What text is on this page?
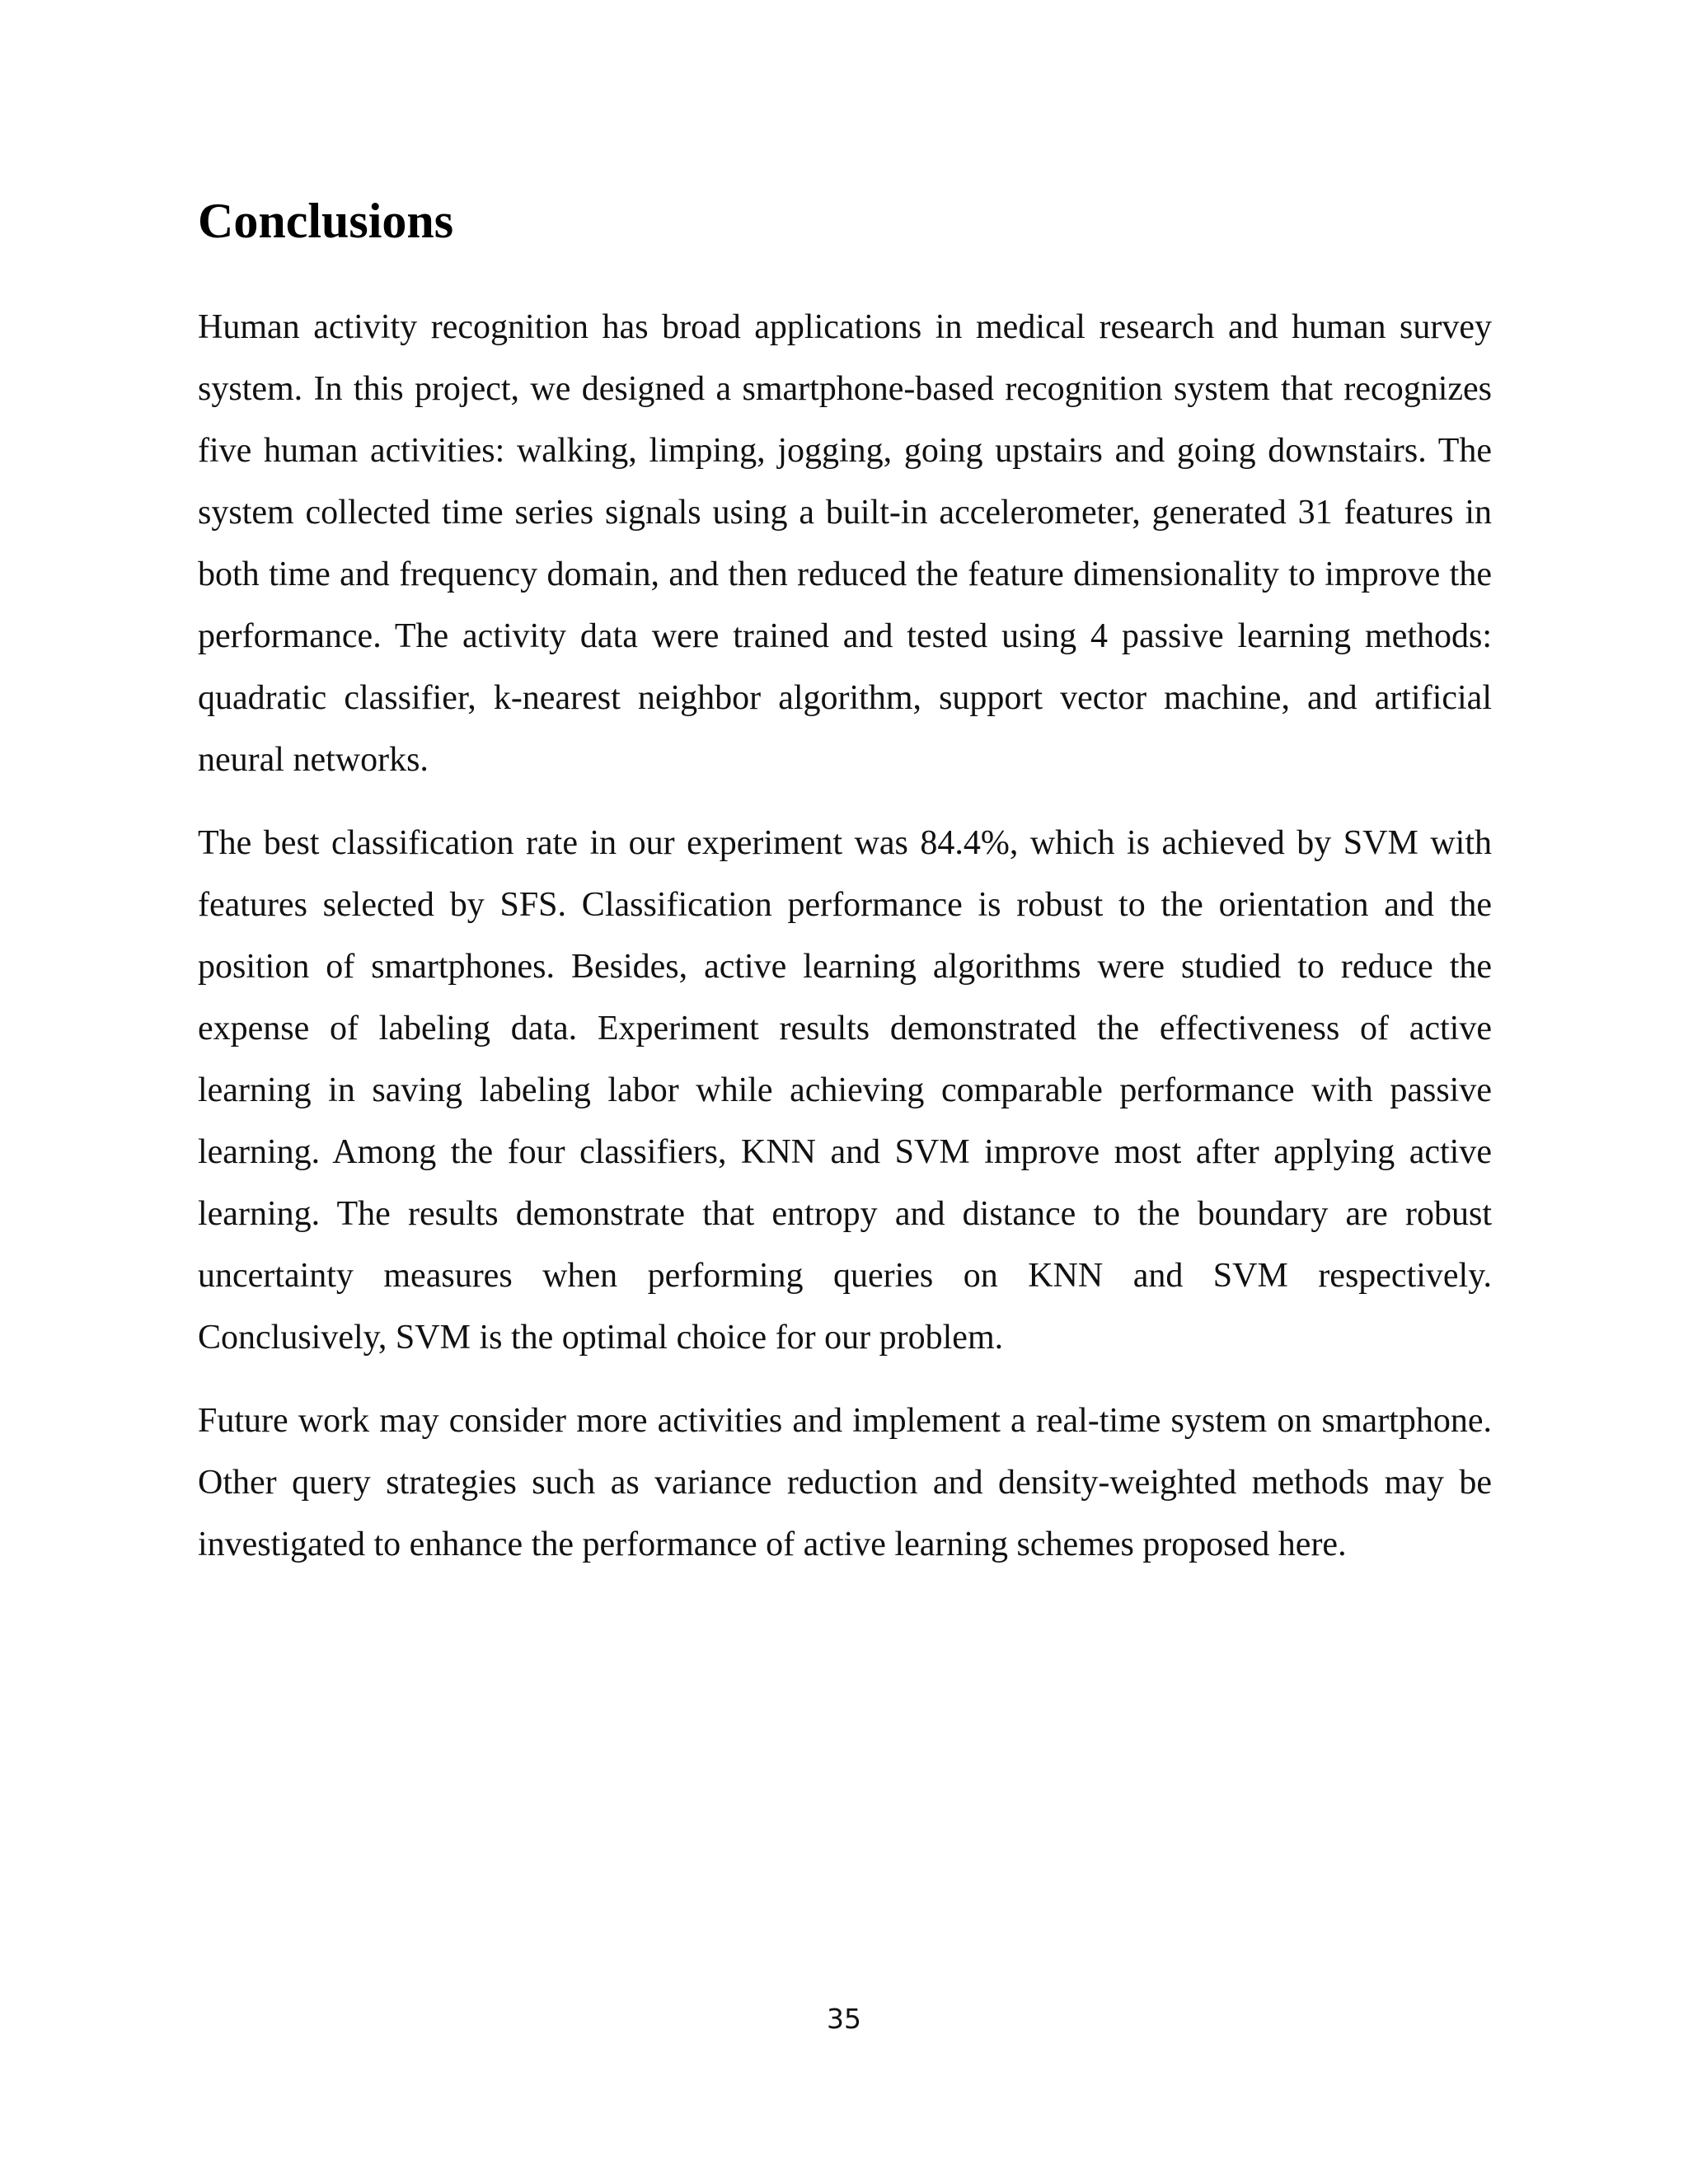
Conclusions

Human activity recognition has broad applications in medical research and human survey system. In this project, we designed a smartphone-based recognition system that recognizes five human activities: walking, limping, jogging, going upstairs and going downstairs. The system collected time series signals using a built-in accelerometer, generated 31 features in both time and frequency domain, and then reduced the feature dimensionality to improve the performance. The activity data were trained and tested using 4 passive learning methods: quadratic classifier, k-nearest neighbor algorithm, support vector machine, and artificial neural networks.

The best classification rate in our experiment was 84.4%, which is achieved by SVM with features selected by SFS. Classification performance is robust to the orientation and the position of smartphones. Besides, active learning algorithms were studied to reduce the expense of labeling data. Experiment results demonstrated the effectiveness of active learning in saving labeling labor while achieving comparable performance with passive learning. Among the four classifiers, KNN and SVM improve most after applying active learning. The results demonstrate that entropy and distance to the boundary are robust uncertainty measures when performing queries on KNN and SVM respectively. Conclusively, SVM is the optimal choice for our problem.

Future work may consider more activities and implement a real-time system on smartphone. Other query strategies such as variance reduction and density-weighted methods may be investigated to enhance the performance of active learning schemes proposed here.

35
